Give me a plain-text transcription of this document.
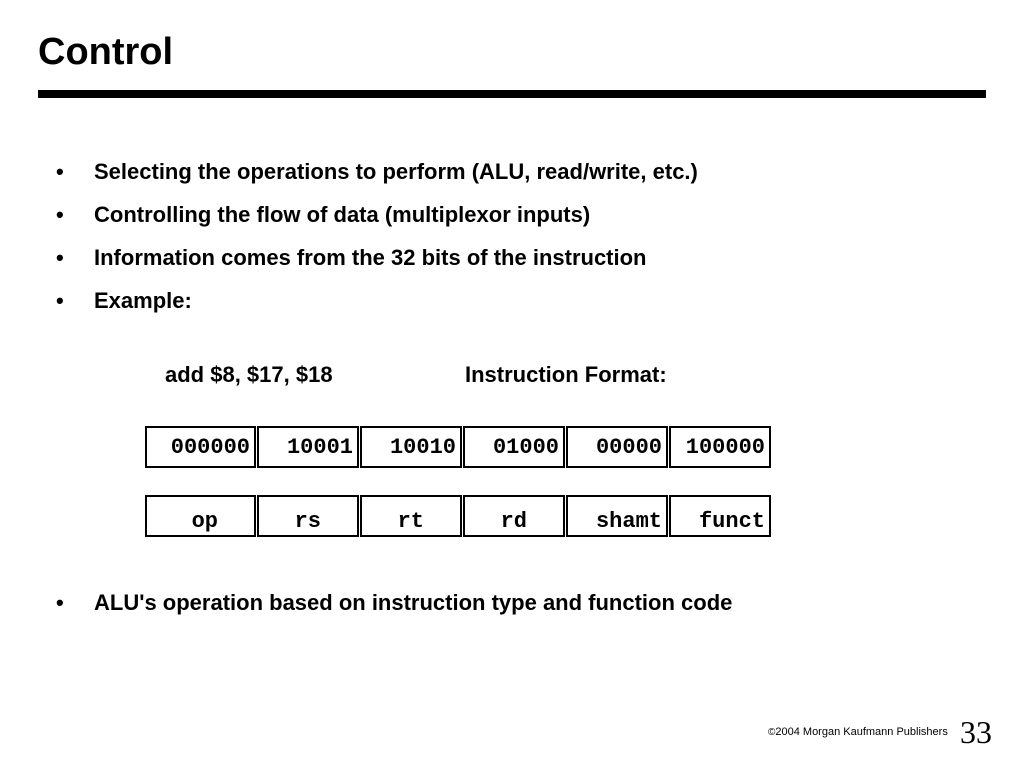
Control
•	Selecting the operations to perform (ALU, read/write, etc.)
•	Controlling the flow of data (multiplexor inputs)
•	Information comes from the 32 bits of the instruction
•	Example:
•	ALU's operation based on instruction type and function code
add $8, $17, $18	Instruction Format:
000000	10001	10010	01000	00000	100000
op	rs	rt	rd	shamt	funct
©2004 Morgan Kaufmann Publishers 33
